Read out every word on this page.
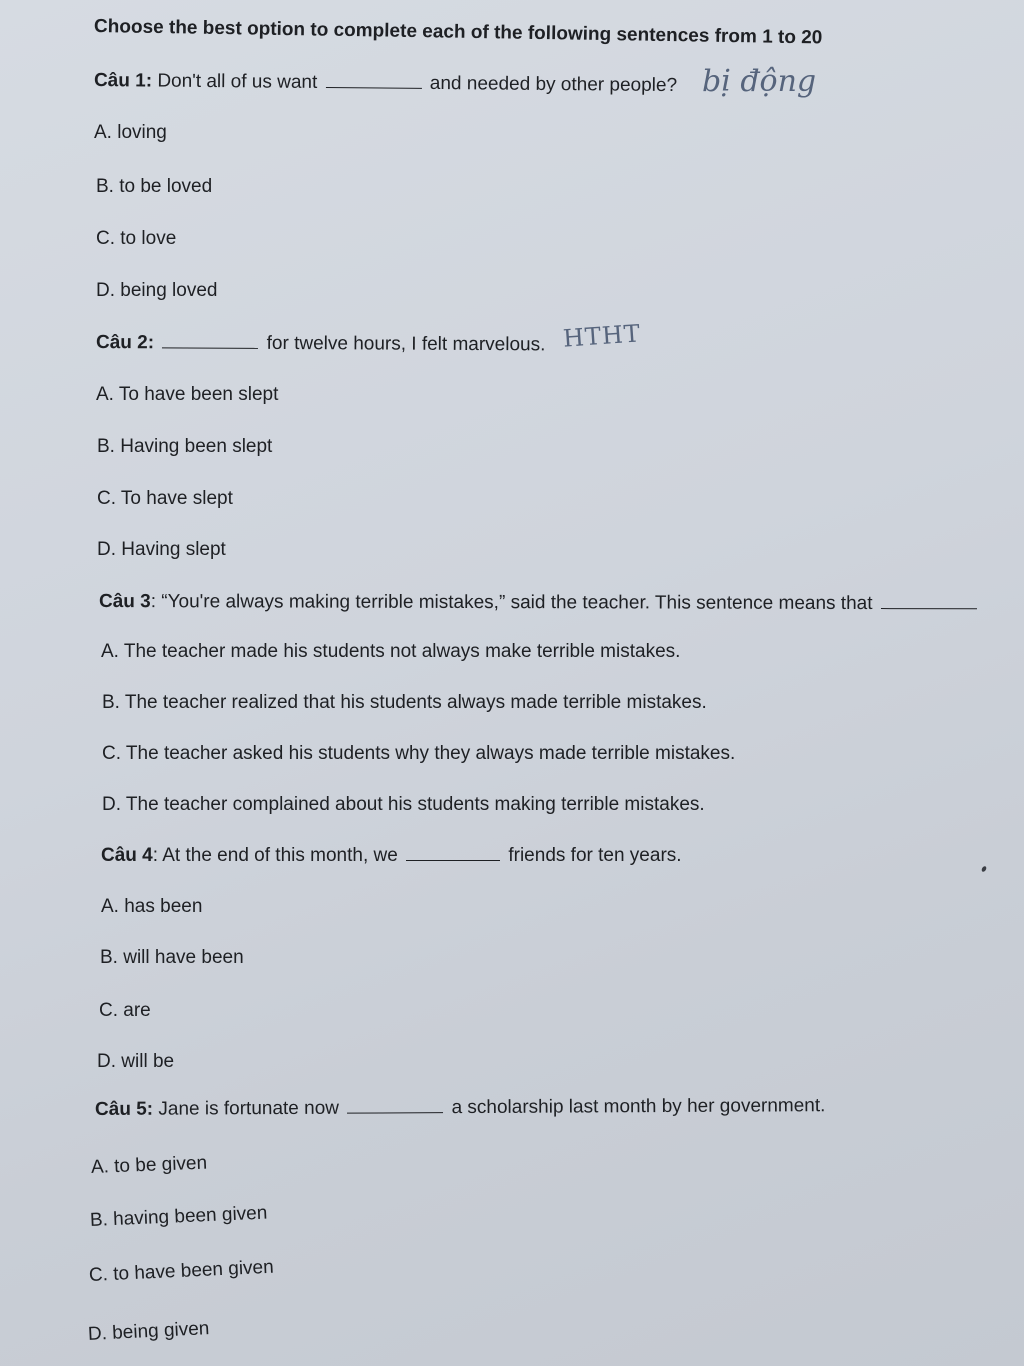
Choose the best option to complete each of the following sentences from 1 to 20
Câu 1: Don't all of us want	and needed by other people? bị động
A. loving
B. to be loved
C. to love
D. being loved
Câu 2:	for twelve hours, I felt marvelous. HTHT
A. To have been slept
B. Having been slept
C. To have slept
D. Having slept
Câu 3: “You're always making terrible mistakes,” said the teacher. This sentence means that
A. The teacher made his students not always make terrible mistakes.
B. The teacher realized that his students always made terrible mistakes.
C. The teacher asked his students why they always made terrible mistakes.
D. The teacher complained about his students making terrible mistakes.
Câu 4: At the end of this month, we	friends for ten years.
A. has been
B. will have been
C. are
D. will be
Câu 5: Jane is fortunate now	a scholarship last month by her government.
A. to be given
B. having been given
C. to have been given
D. being given
